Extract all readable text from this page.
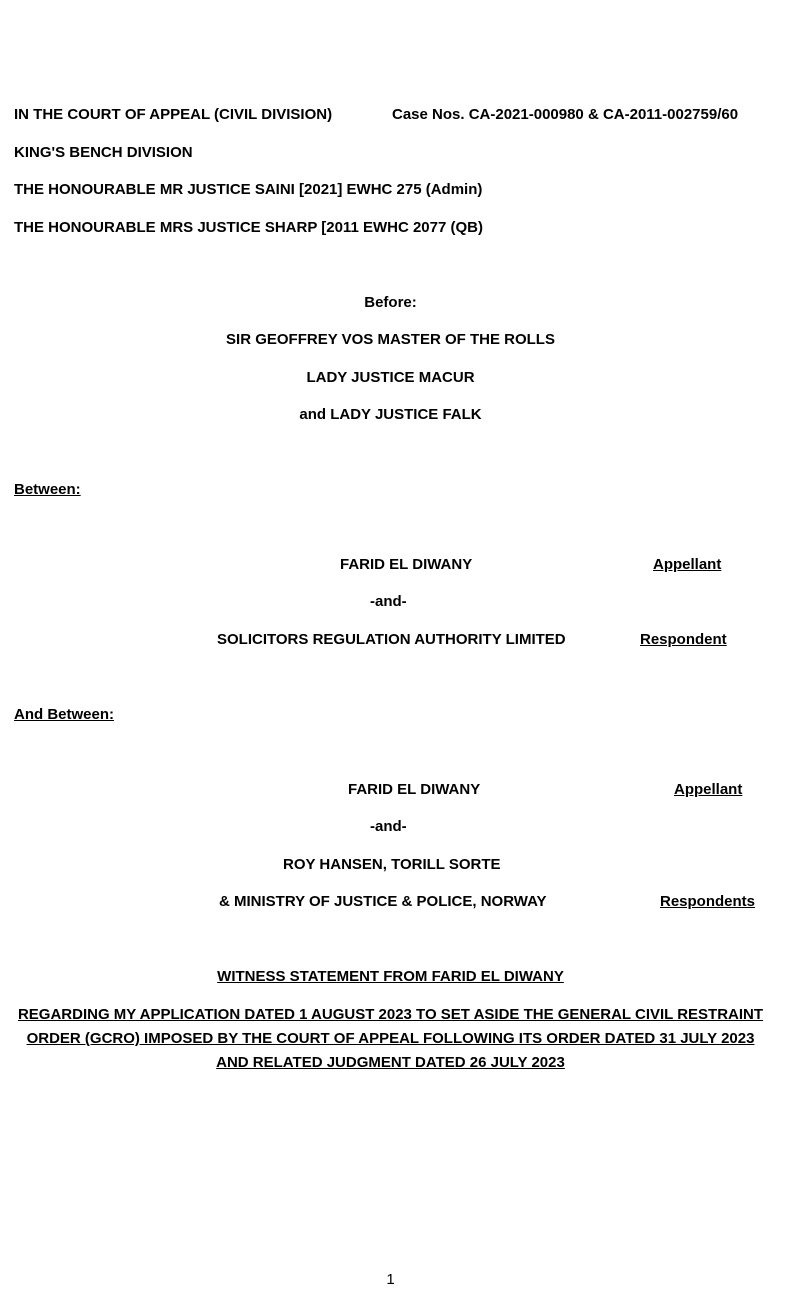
IN THE COURT OF APPEAL (CIVIL DIVISION)	Case Nos. CA-2021-000980 & CA-2011-002759/60
KING'S BENCH DIVISION
THE HONOURABLE MR JUSTICE SAINI [2021] EWHC 275 (Admin)
THE HONOURABLE MRS JUSTICE SHARP [2011 EWHC 2077 (QB)
Before:
SIR GEOFFREY VOS MASTER OF THE ROLLS
LADY JUSTICE MACUR
and LADY JUSTICE FALK
Between:
FARID EL DIWANY	Appellant
-and-
SOLICITORS REGULATION AUTHORITY LIMITED	Respondent
And Between:
FARID EL DIWANY	Appellant
-and-
ROY HANSEN, TORILL SORTE
& MINISTRY OF JUSTICE & POLICE, NORWAY	Respondents
WITNESS STATEMENT FROM FARID EL DIWANY
REGARDING MY APPLICATION DATED 1 AUGUST 2023 TO SET ASIDE THE GENERAL CIVIL RESTRAINT ORDER (GCRO) IMPOSED BY THE COURT OF APPEAL FOLLOWING ITS ORDER DATED 31 JULY 2023 AND RELATED JUDGMENT DATED 26 JULY 2023
1
